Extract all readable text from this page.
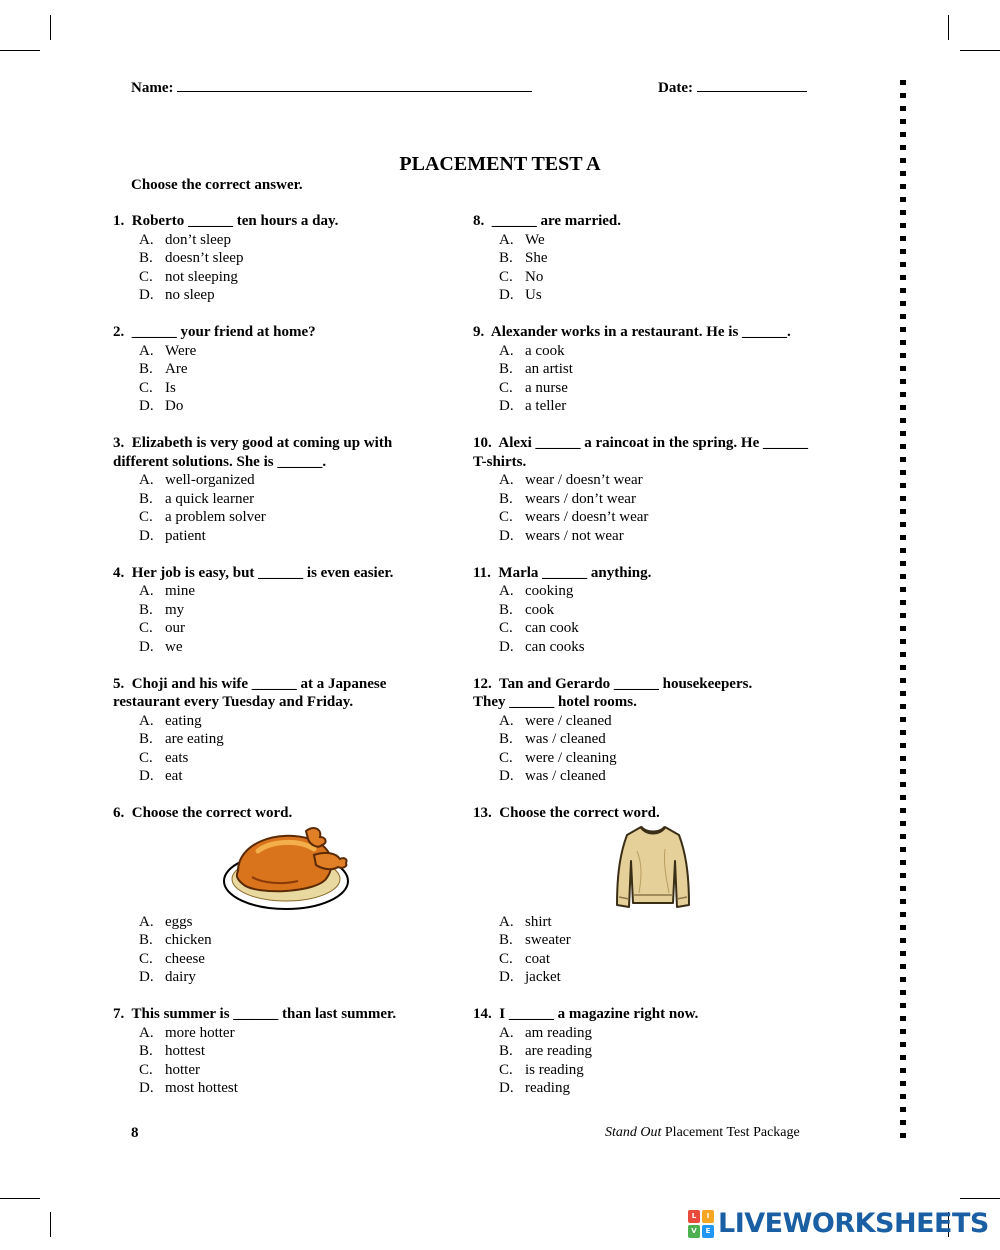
Name:	Date:
PLACEMENT TEST A
Choose the correct answer.
1.  Roberto ______ ten hours a day.
A. don’t sleep
B. doesn’t sleep
C. not sleeping
D. no sleep
2.  ______ your friend at home?
A. Were
B. Are
C. Is
D. Do
3.  Elizabeth is very good at coming up with
different solutions. She is ______.
A. well-organized
B. a quick learner
C. a problem solver
D. patient
4.  Her job is easy, but ______ is even easier.
A. mine
B. my
C. our
D. we
5.  Choji and his wife ______ at a Japanese
restaurant every Tuesday and Friday.
A. eating
B. are eating
C. eats
D. eat
6.  Choose the correct word.
A. eggs
B. chicken
C. cheese
D. dairy
7.  This summer is ______ than last summer.
A. more hotter
B. hottest
C. hotter
D. most hottest
8.  ______ are married.
A. We
B. She
C. No
D. Us
9.  Alexander works in a restaurant. He is ______.
A. a cook
B. an artist
C. a nurse
D. a teller
10.  Alexi ______ a raincoat in the spring. He ______
T-shirts.
A. wear / doesn’t wear
B. wears / don’t wear
C. wears / doesn’t wear
D. wears / not wear
11.  Marla ______ anything.
A. cooking
B. cook
C. can cook
D. can cooks
12.  Tan and Gerardo ______ housekeepers.
They ______ hotel rooms.
A. were / cleaned
B. was / cleaned
C. were / cleaning
D. was / cleaned
13.  Choose the correct word.
A. shirt
B. sweater
C. coat
D. jacket
14.  I ______ a magazine right now.
A. am reading
B. are reading
C. is reading
D. reading
8	Stand Out Placement Test Package
L	I
V	E LIVEWORKSHEETS
